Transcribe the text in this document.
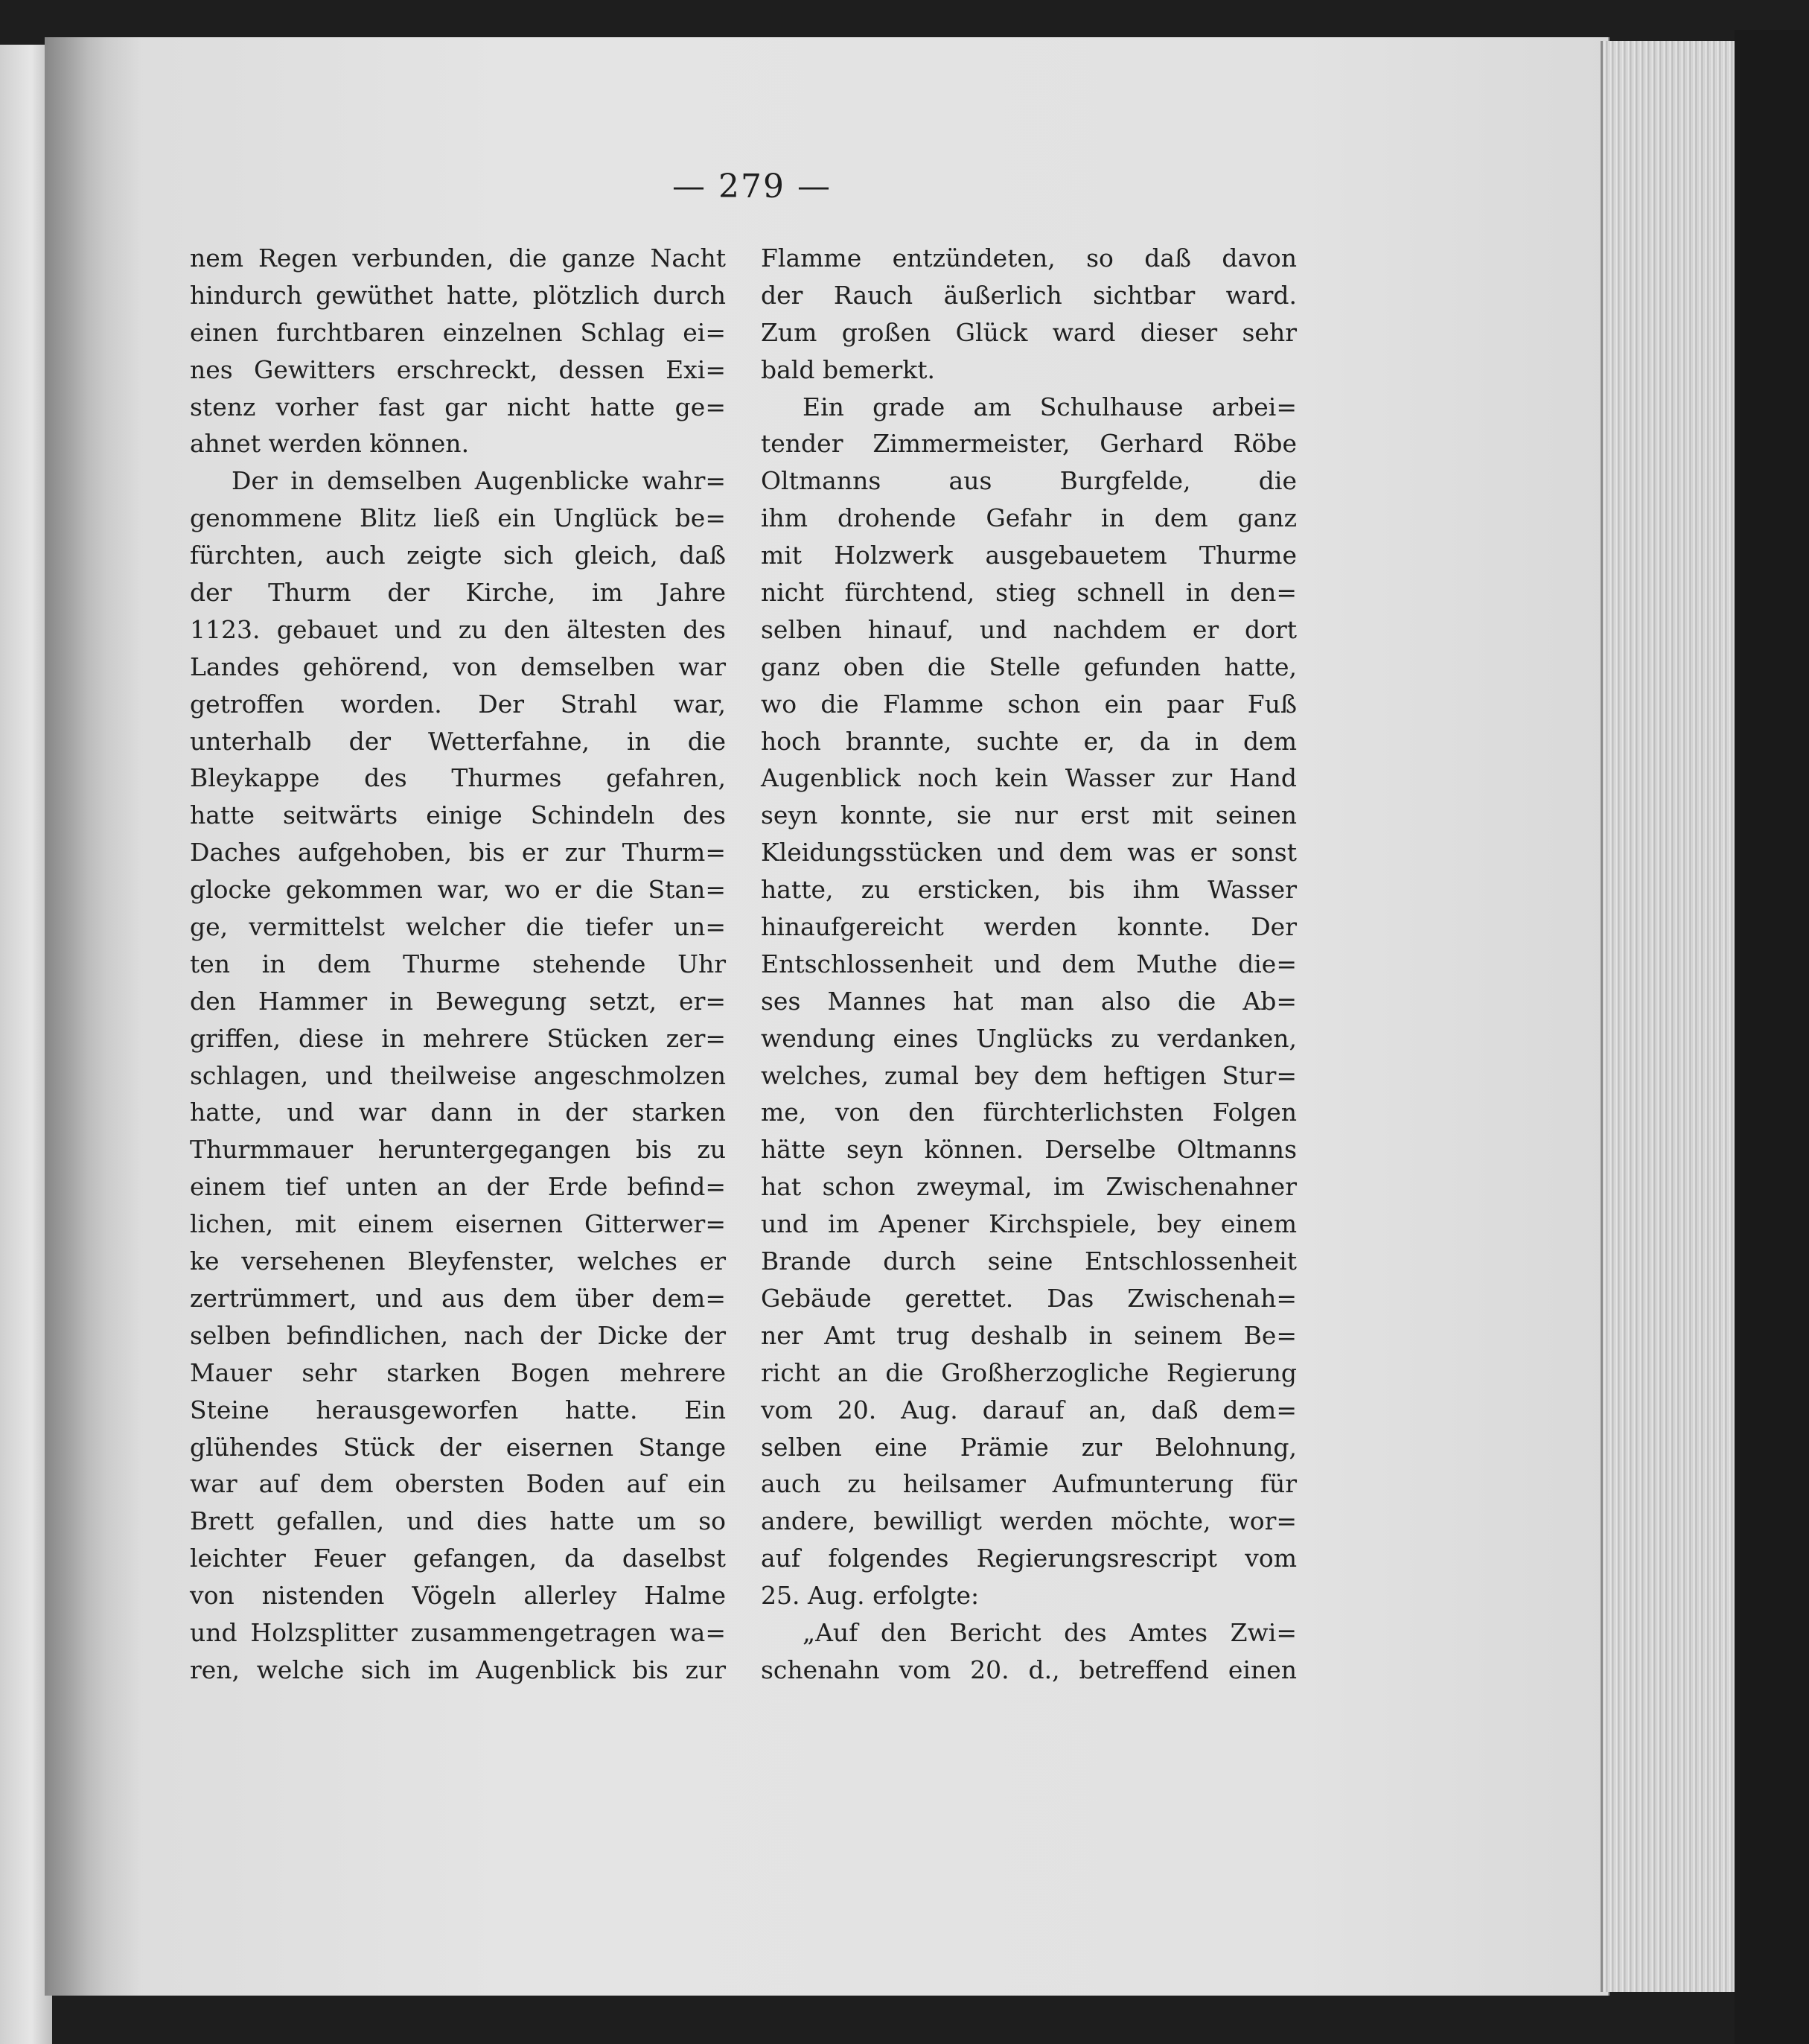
— 279 —
nem Regen verbunden, die ganze Nacht
hindurch gewüthet hatte, plötzlich durch
einen furchtbaren einzelnen Schlag ei=
nes Gewitters erschreckt, dessen Exi=
stenz vorher fast gar nicht hatte ge=
ahnet werden können.
Der in demselben Augenblicke wahr=
genommene Blitz ließ ein Unglück be=
fürchten, auch zeigte sich gleich, daß
der Thurm der Kirche, im Jahre
1123. gebauet und zu den ältesten des
Landes gehörend, von demselben war
getroffen worden. Der Strahl war,
unterhalb der Wetterfahne, in die
Bleykappe des Thurmes gefahren,
hatte seitwärts einige Schindeln des
Daches aufgehoben, bis er zur Thurm=
glocke gekommen war, wo er die Stan=
ge, vermittelst welcher die tiefer un=
ten in dem Thurme stehende Uhr
den Hammer in Bewegung setzt, er=
griffen, diese in mehrere Stücken zer=
schlagen, und theilweise angeschmolzen
hatte, und war dann in der starken
Thurmmauer heruntergegangen bis zu
einem tief unten an der Erde befind=
lichen, mit einem eisernen Gitterwer=
ke versehenen Bleyfenster, welches er
zertrümmert, und aus dem über dem=
selben befindlichen, nach der Dicke der
Mauer sehr starken Bogen mehrere
Steine herausgeworfen hatte. Ein
glühendes Stück der eisernen Stange
war auf dem obersten Boden auf ein
Brett gefallen, und dies hatte um so
leichter Feuer gefangen, da daselbst
von nistenden Vögeln allerley Halme
und Holzsplitter zusammengetragen wa=
ren, welche sich im Augenblick bis zur
Flamme entzündeten, so daß davon
der Rauch äußerlich sichtbar ward.
Zum großen Glück ward dieser sehr
bald bemerkt.
Ein grade am Schulhause arbei=
tender Zimmermeister, Gerhard Röbe
Oltmanns aus Burgfelde, die
ihm drohende Gefahr in dem ganz
mit Holzwerk ausgebauetem Thurme
nicht fürchtend, stieg schnell in den=
selben hinauf, und nachdem er dort
ganz oben die Stelle gefunden hatte,
wo die Flamme schon ein paar Fuß
hoch brannte, suchte er, da in dem
Augenblick noch kein Wasser zur Hand
seyn konnte, sie nur erst mit seinen
Kleidungsstücken und dem was er sonst
hatte, zu ersticken, bis ihm Wasser
hinaufgereicht werden konnte. Der
Entschlossenheit und dem Muthe die=
ses Mannes hat man also die Ab=
wendung eines Unglücks zu verdanken,
welches, zumal bey dem heftigen Stur=
me, von den fürchterlichsten Folgen
hätte seyn können. Derselbe Oltmanns
hat schon zweymal, im Zwischenahner
und im Apener Kirchspiele, bey einem
Brande durch seine Entschlossenheit
Gebäude gerettet. Das Zwischenah=
ner Amt trug deshalb in seinem Be=
richt an die Großherzogliche Regierung
vom 20. Aug. darauf an, daß dem=
selben eine Prämie zur Belohnung,
auch zu heilsamer Aufmunterung für
andere, bewilligt werden möchte, wor=
auf folgendes Regierungsrescript vom
25. Aug. erfolgte:
„Auf den Bericht des Amtes Zwi=
schenahn vom 20. d., betreffend einen
